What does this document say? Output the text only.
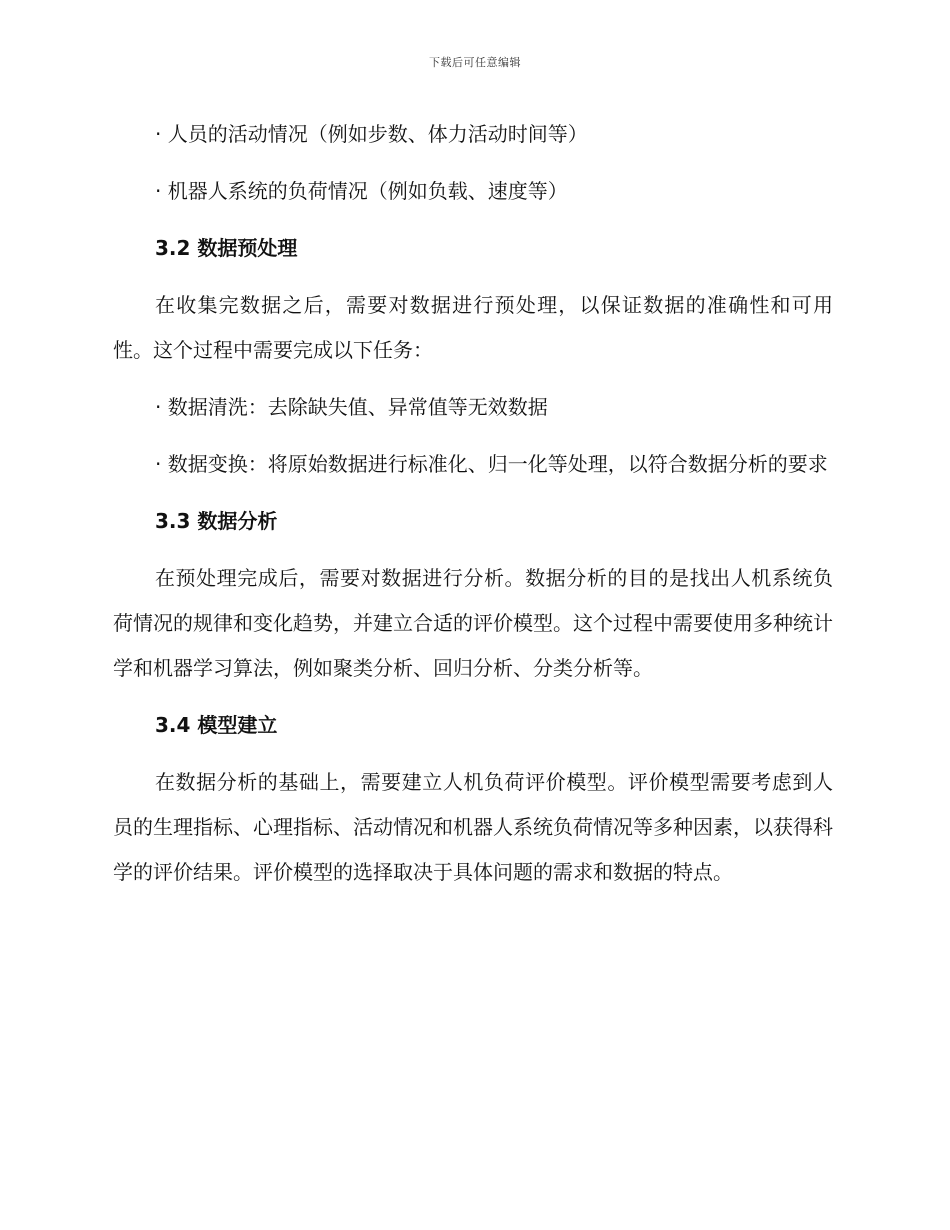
下载后可任意编辑
· 人员的活动情况（例如步数、体力活动时间等）
· 机器人系统的负荷情况（例如负载、速度等）
3.2 数据预处理
在收集完数据之后，需要对数据进行预处理，以保证数据的准确性和可用性。这个过程中需要完成以下任务：
· 数据清洗：去除缺失值、异常值等无效数据
· 数据变换：将原始数据进行标准化、归一化等处理，以符合数据分析的要求
3.3 数据分析
在预处理完成后，需要对数据进行分析。数据分析的目的是找出人机系统负荷情况的规律和变化趋势，并建立合适的评价模型。这个过程中需要使用多种统计学和机器学习算法，例如聚类分析、回归分析、分类分析等。
3.4 模型建立
在数据分析的基础上，需要建立人机负荷评价模型。评价模型需要考虑到人员的生理指标、心理指标、活动情况和机器人系统负荷情况等多种因素，以获得科学的评价结果。评价模型的选择取决于具体问题的需求和数据的特点。
